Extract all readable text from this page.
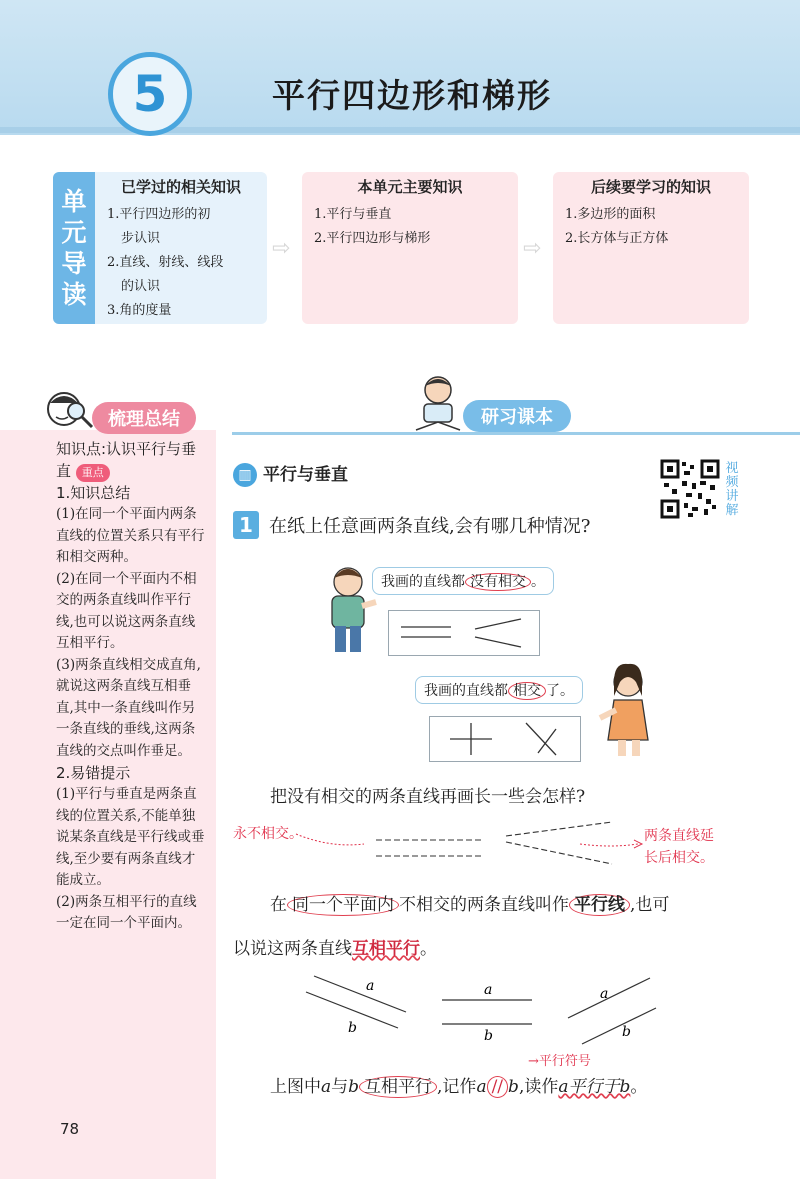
5	平行四边形和梯形
单
元
导
读
已学过的相关知识
1.平行四边形的初
步认识
2.直线、射线、线段
的认识
3.角的度量
⇨
本单元主要知识
1.平行与垂直
2.平行四边形与梯形	⇨
后续要学习的知识
1.多边形的面积
2.长方体与正方体
梳理总结
知识点:认识平行与垂直 重点
1.知识总结
(1)在同一个平面内两条直线的位置关系只有平行和相交两种。
(2)在同一个平面内不相交的两条直线叫作平行线,也可以说这两条直线互相平行。
(3)两条直线相交成直角,就说这两条直线互相垂直,其中一条直线叫作另一条直线的垂线,这两条直线的交点叫作垂足。
2.易错提示
(1)平行与垂直是两条直线的位置关系,不能单独说某条直线是平行线或垂线,至少要有两条直线才能成立。
(2)两条互相平行的直线一定在同一个平面内。
78
研习课本
▥ 平行与垂直	视频讲解
1 在纸上任意画两条直线,会有哪几种情况?
我画的直线都 没有相交 。
我画的直线都 相交 了。
把没有相交的两条直线再画长一些会怎样?
永不相交。	两条直线延
长后相交。
在 同一个平面内 不相交的两条直线叫作 平行线 ,也可
以说这两条直线互相平行。
a
b
a
b
a
b
→平行符号
上图中a与b 互相平行 ,记作a // b,读作a平行于b。
